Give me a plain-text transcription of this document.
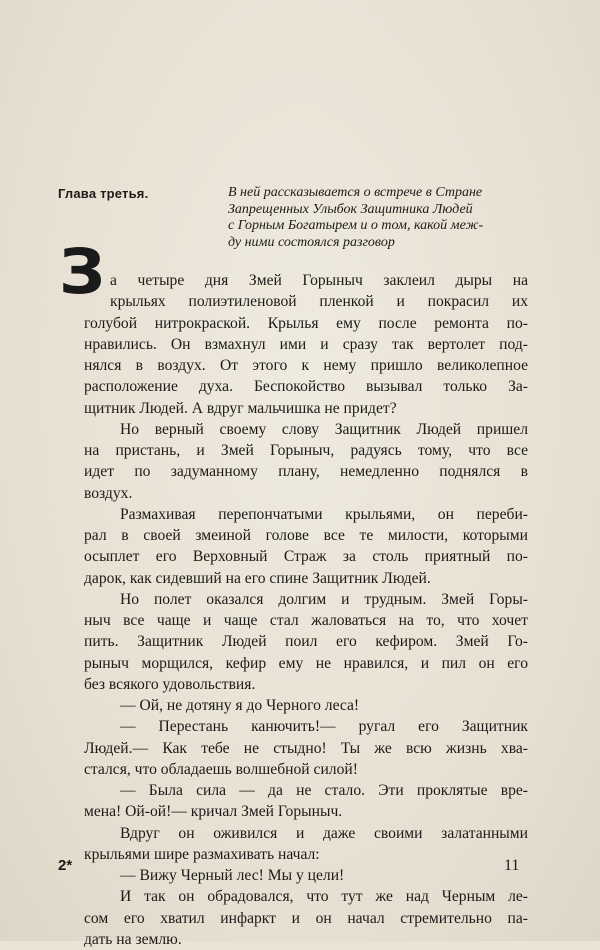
Глава третья.	В ней рассказывается о встрече в Стране
Запрещенных Улыбок Защитника Людей
с Горным Богатырем и о том, какой меж-
ду ними состоялся разговор
З а четыре дня Змей Горыныч заклеил дыры на
крыльях полиэтиленовой пленкой и покрасил их
голубой нитрокраской. Крылья ему после ремонта по-
нравились. Он взмахнул ими и сразу так вертолет под-
нялся в воздух. От этого к нему пришло великолепное
расположение духа. Беспокойство вызывал только За-
щитник Людей. А вдруг мальчишка не придет?
Но верный своему слову Защитник Людей пришел
на пристань, и Змей Горыныч, радуясь тому, что все
идет по задуманному плану, немедленно поднялся в
воздух.
Размахивая перепончатыми крыльями, он переби-
рал в своей змеиной голове все те милости, которыми
осыплет его Верховный Страж за столь приятный по-
дарок, как сидевший на его спине Защитник Людей.
Но полет оказался долгим и трудным. Змей Горы-
ныч все чаще и чаще стал жаловаться на то, что хочет
пить. Защитник Людей поил его кефиром. Змей Го-
рыныч морщился, кефир ему не нравился, и пил он его
без всякого удовольствия.
— Ой, не дотяну я до Черного леса!
— Перестань канючить!— ругал его Защитник
Людей.— Как тебе не стыдно! Ты же всю жизнь хва-
стался, что обладаешь волшебной силой!
— Была сила — да не стало. Эти проклятые вре-
мена! Ой-ой!— кричал Змей Горыныч.
Вдруг он оживился и даже своими залатанными
крыльями шире размахивать начал:
— Вижу Черный лес! Мы у цели!
И так он обрадовался, что тут же над Черным ле-
сом его хватил инфаркт и он начал стремительно па-
дать на землю.
2*	11
